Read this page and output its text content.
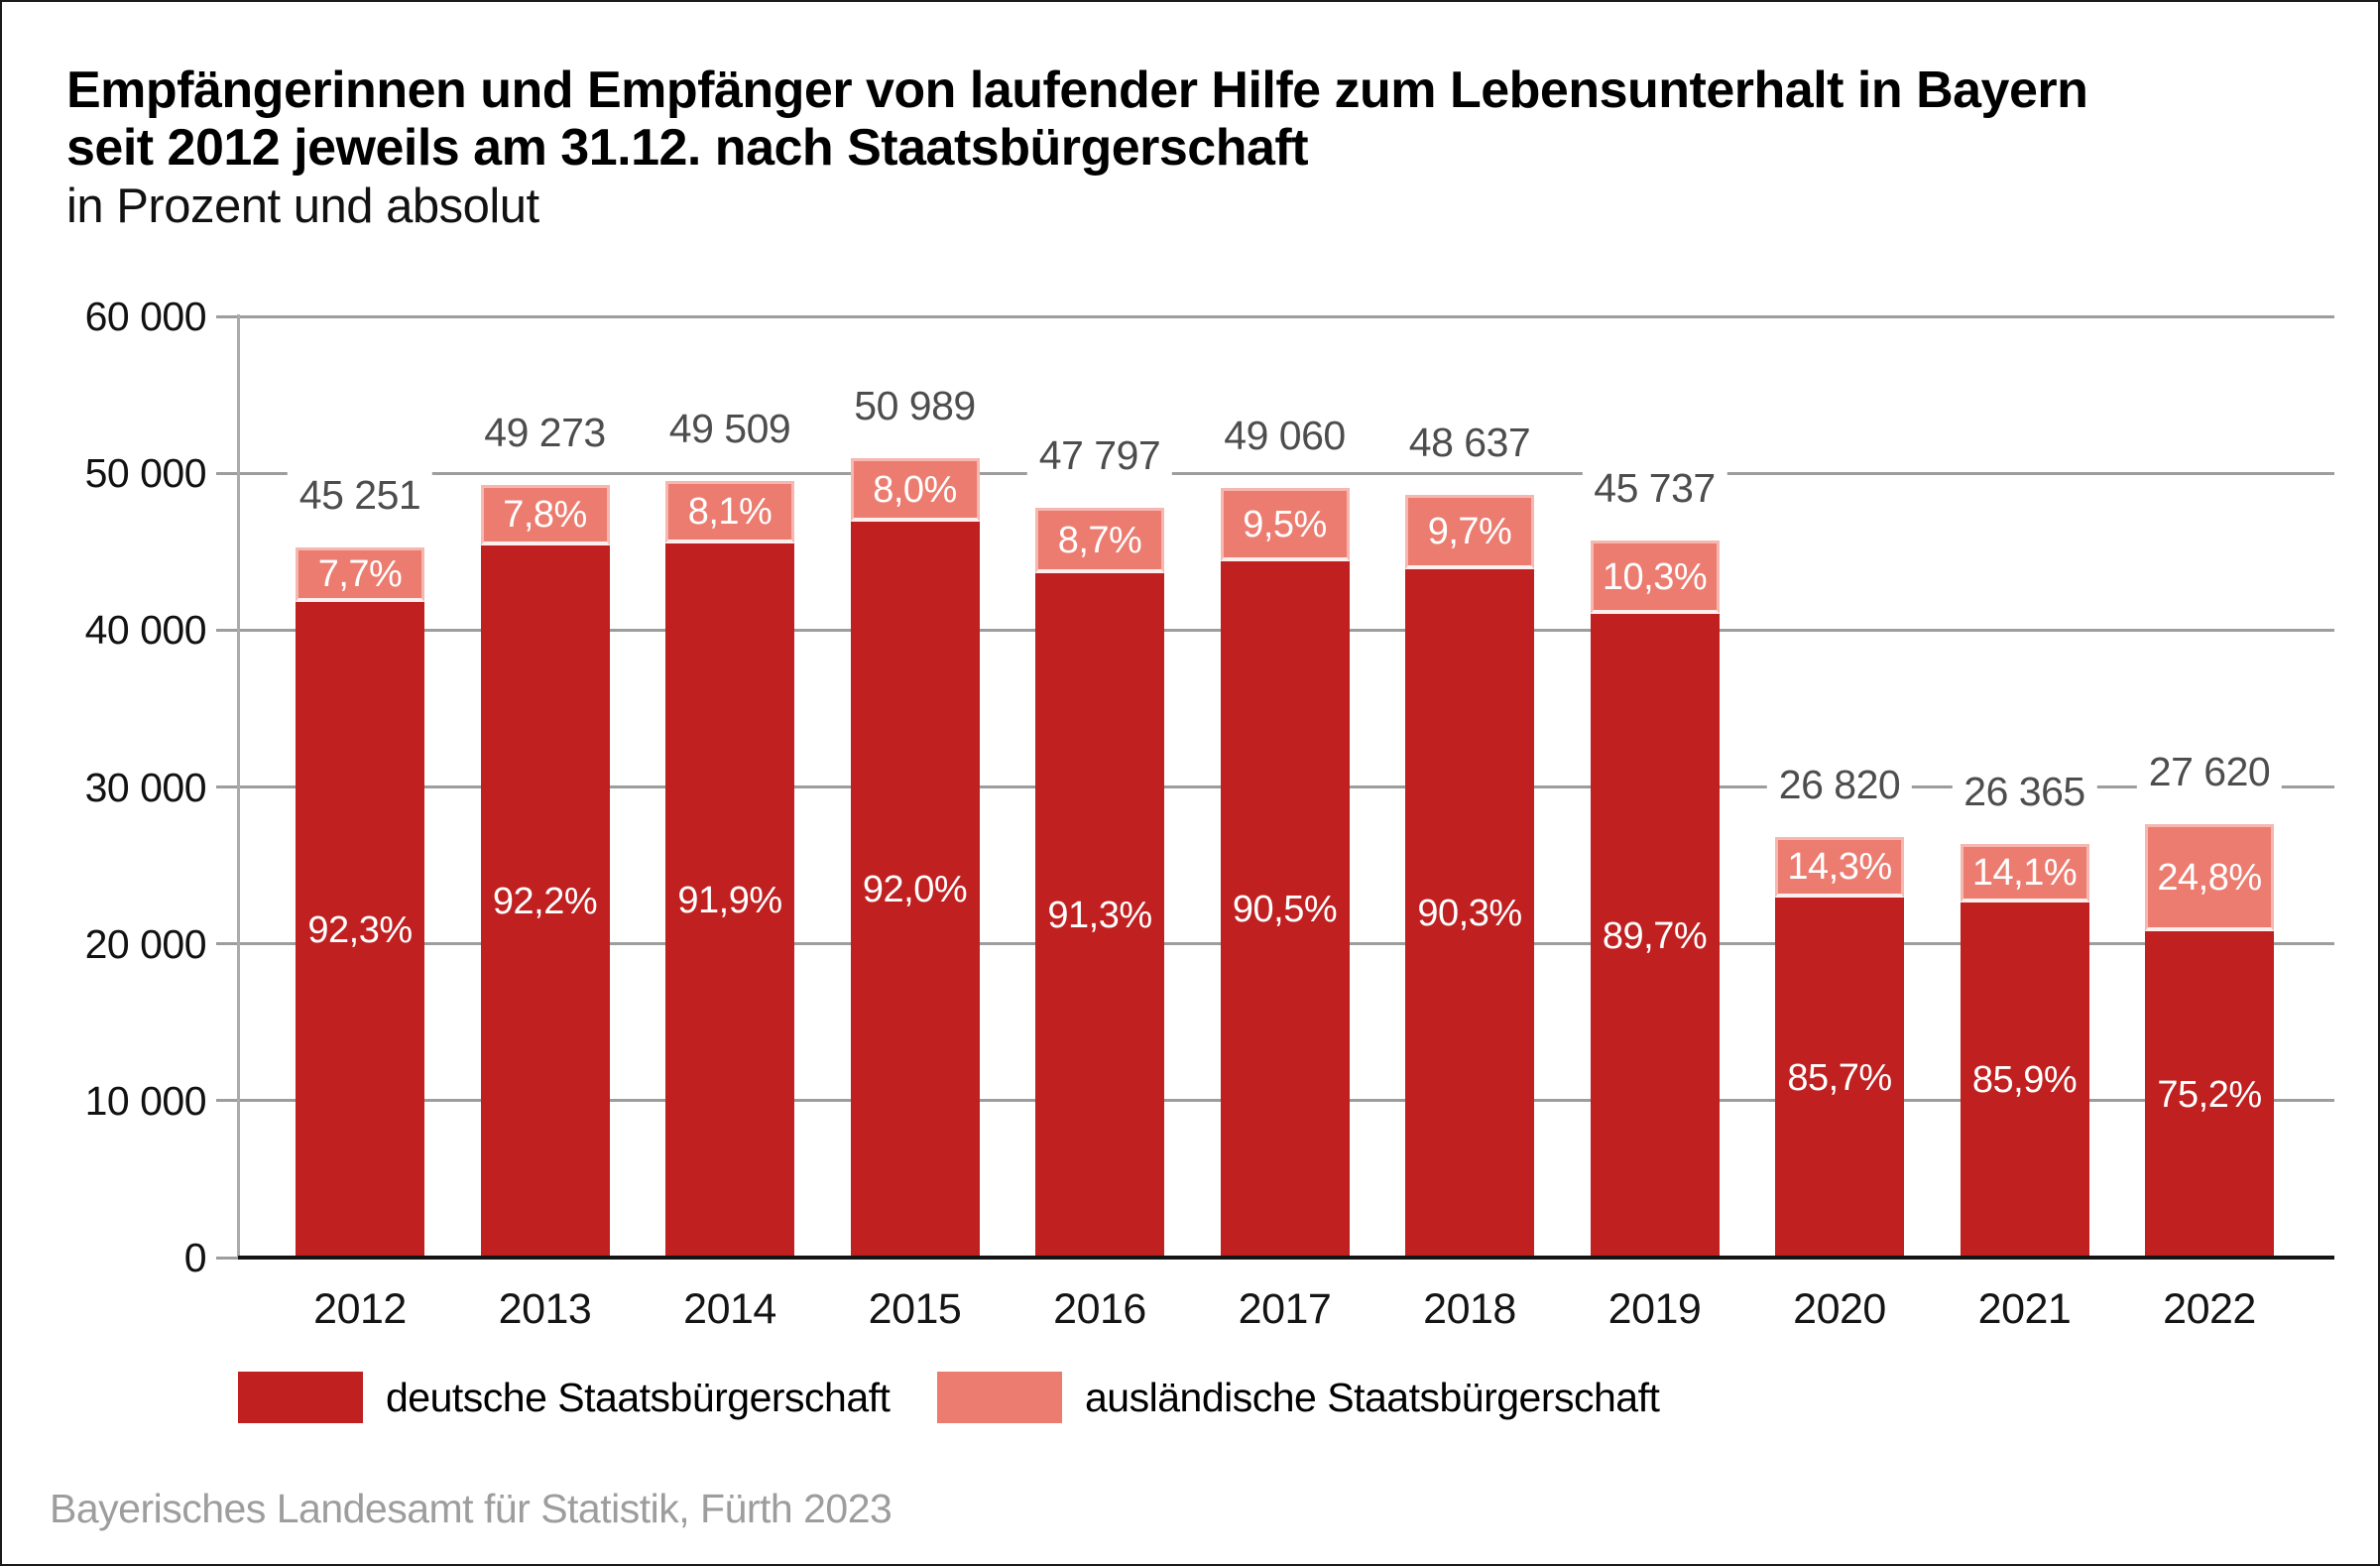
Empfängerinnen und Empfänger von laufender Hilfe zum Lebensunterhalt in Bayern
seit 2012 jeweils am 31.12. nach Staatsbürgerschaft
in Prozent und absolut
0
10 000
20 000
30 000
40 000
50 000
60 000
7,7%
92,3%
45 251
2012
7,8%
92,2%
49 273
2013
8,1%
91,9%
49 509
2014
8,0%
92,0%
50 989
2015
8,7%
91,3%
47 797
2016
9,5%
90,5%
49 060
2017
9,7%
90,3%
48 637
2018
10,3%
89,7%
45 737
2019
14,3%
85,7%
26 820
2020
14,1%
85,9%
26 365
2021
24,8%
75,2%
27 620
2022
deutsche Staatsbürgerschaft	ausländische Staatsbürgerschaft
Bayerisches Landesamt für Statistik, Fürth 2023
